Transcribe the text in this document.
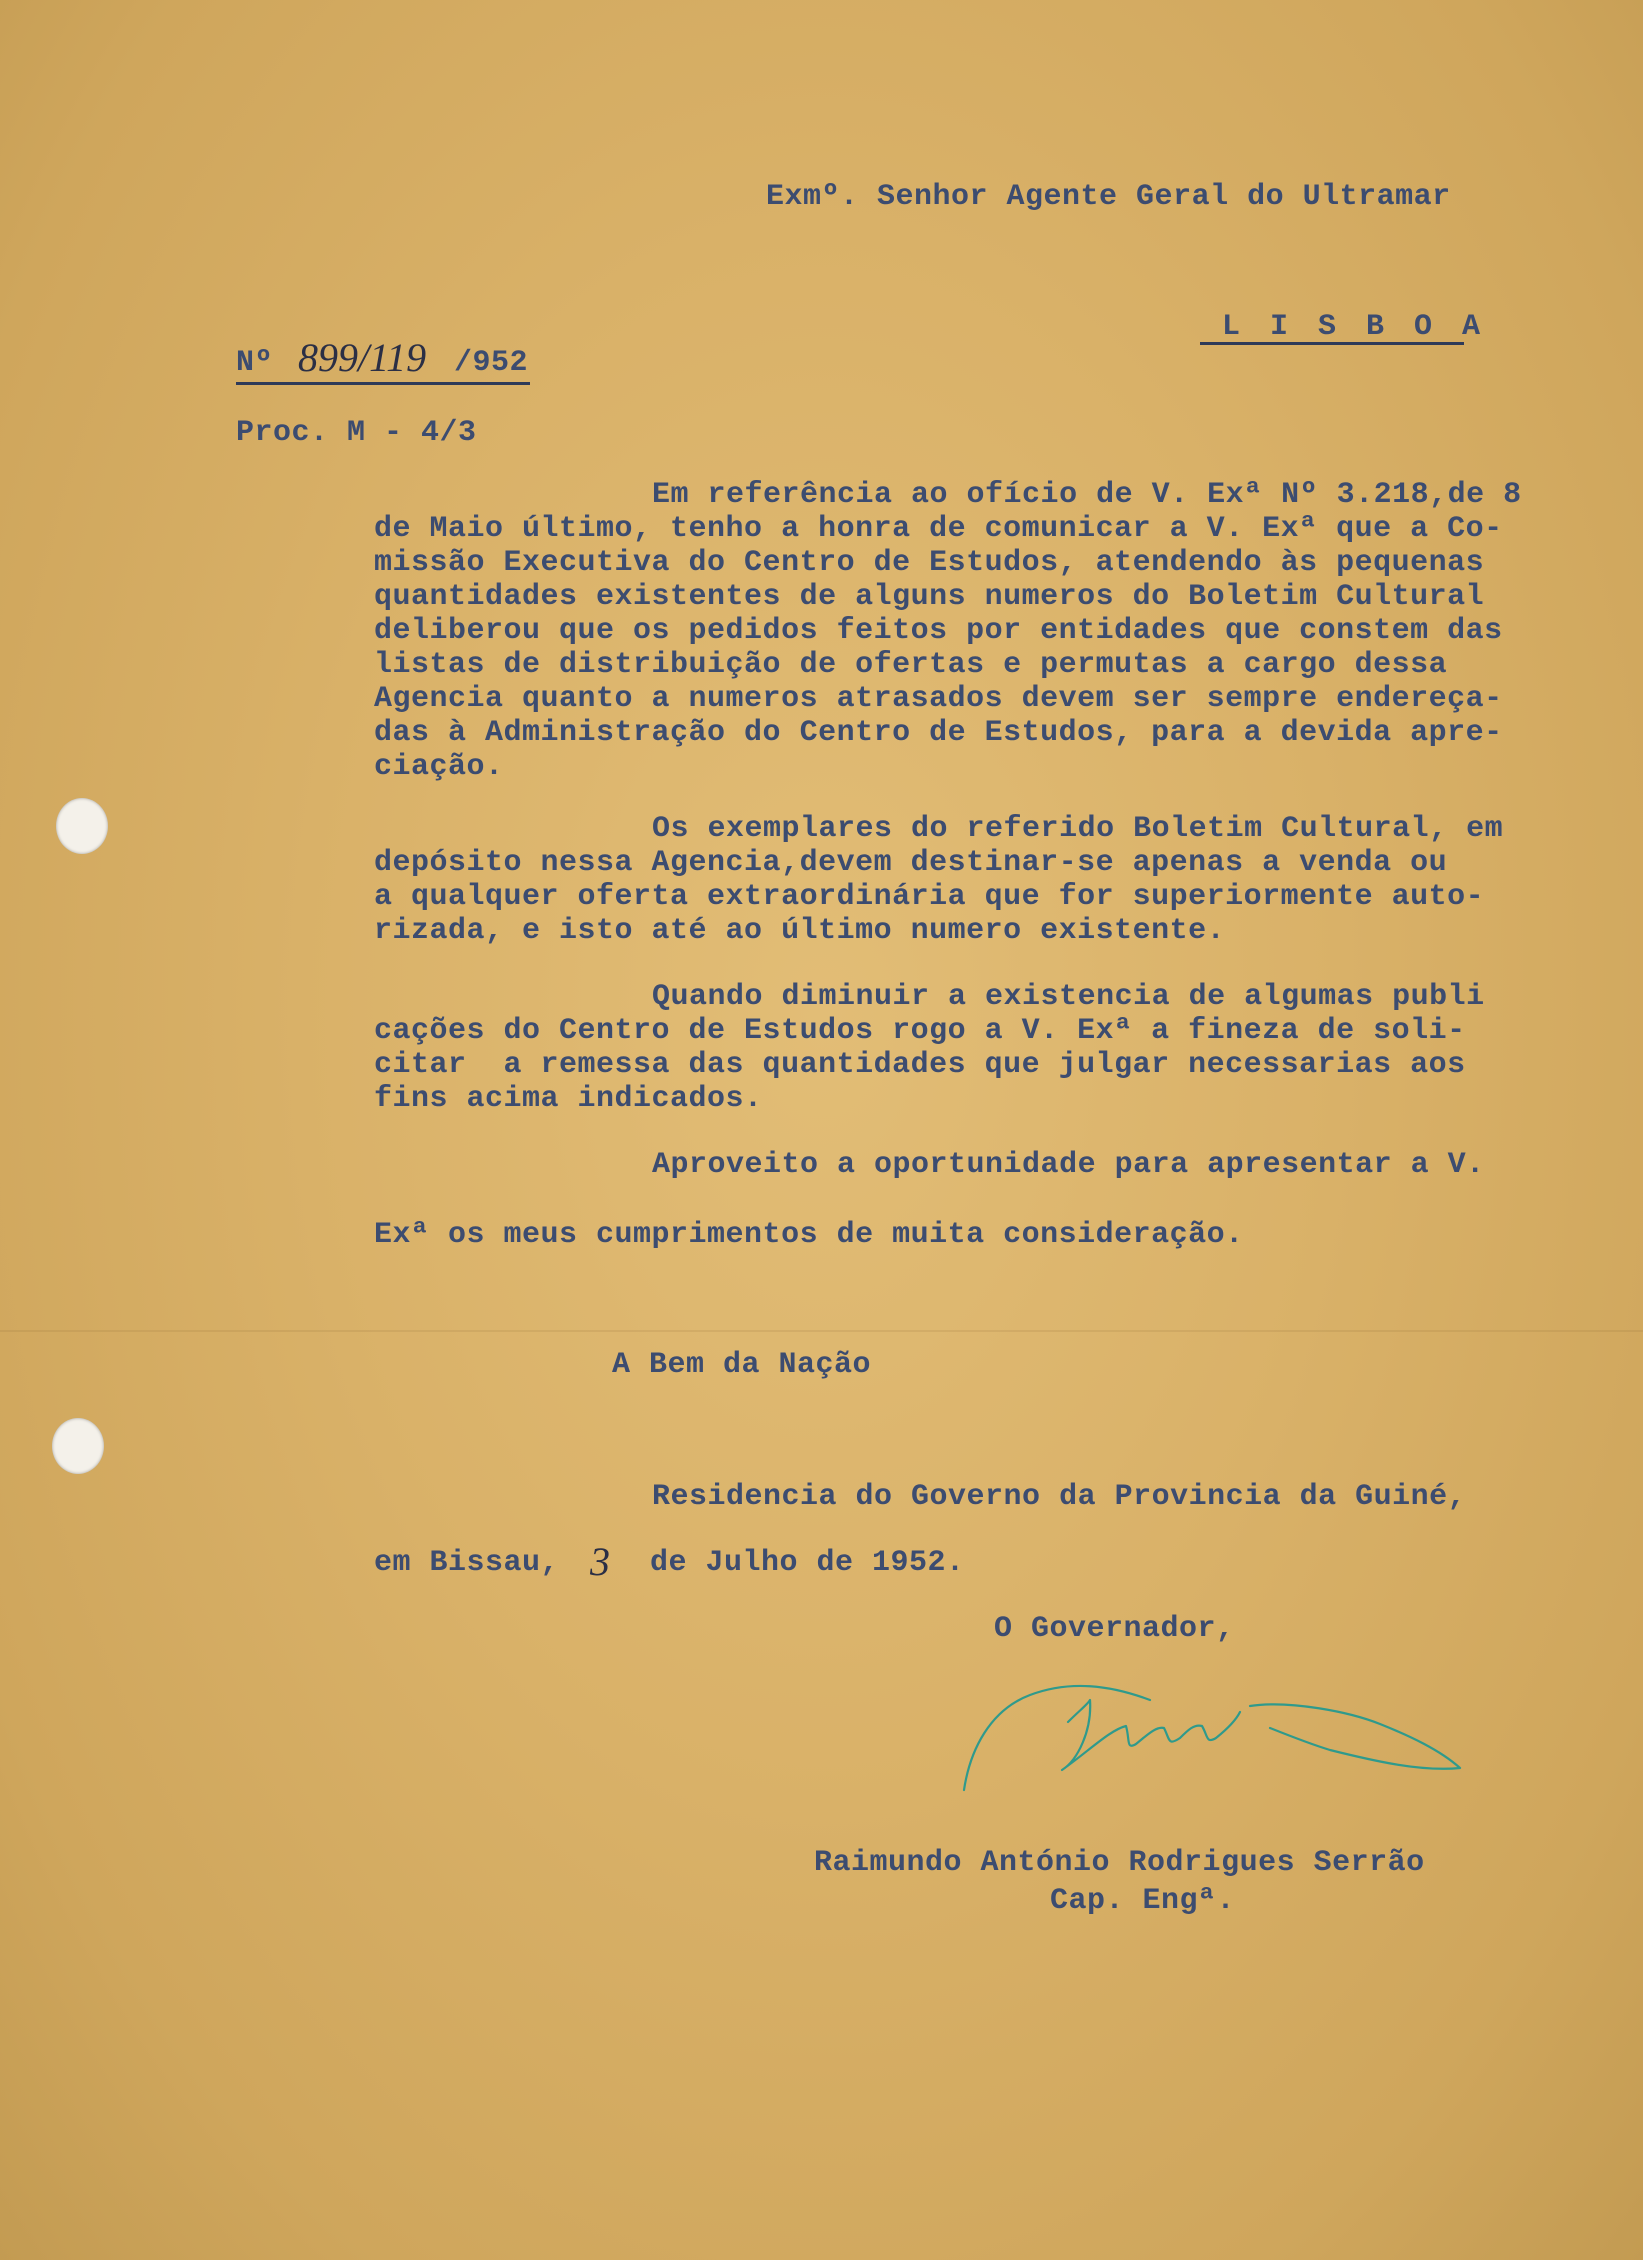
Exmº. Senhor Agente Geral do Ultramar

L I S B O A

Nº 899/119 /952

Proc. M - 4/3

Em referência ao ofício de V. Exª Nº 3.218,de 8

de Maio último, tenho a honra de comunicar a V. Exª que a Co-

missão Executiva do Centro de Estudos, atendendo às pequenas

quantidades existentes de alguns numeros do Boletim Cultural

deliberou que os pedidos feitos por entidades que constem das

listas de distribuição de ofertas e permutas a cargo dessa

Agencia quanto a numeros atrasados devem ser sempre endereça-

das à Administração do Centro de Estudos, para a devida apre-

ciação.

Os exemplares do referido Boletim Cultural, em

depósito nessa Agencia,devem destinar-se apenas a venda ou

a qualquer oferta extraordinária que for superiormente auto-

rizada, e isto até ao último numero existente.

Quando diminuir a existencia de algumas publi

cações do Centro de Estudos rogo a V. Exª a fineza de soli-

citar  a remessa das quantidades que julgar necessarias aos

fins acima indicados.

Aproveito a oportunidade para apresentar a V.

Exª os meus cumprimentos de muita consideração.

A Bem da Nação

Residencia do Governo da Provincia da Guiné,

em Bissau, 3 de Julho de 1952.

O Governador,

Raimundo António Rodrigues Serrão

Cap. Engª.
